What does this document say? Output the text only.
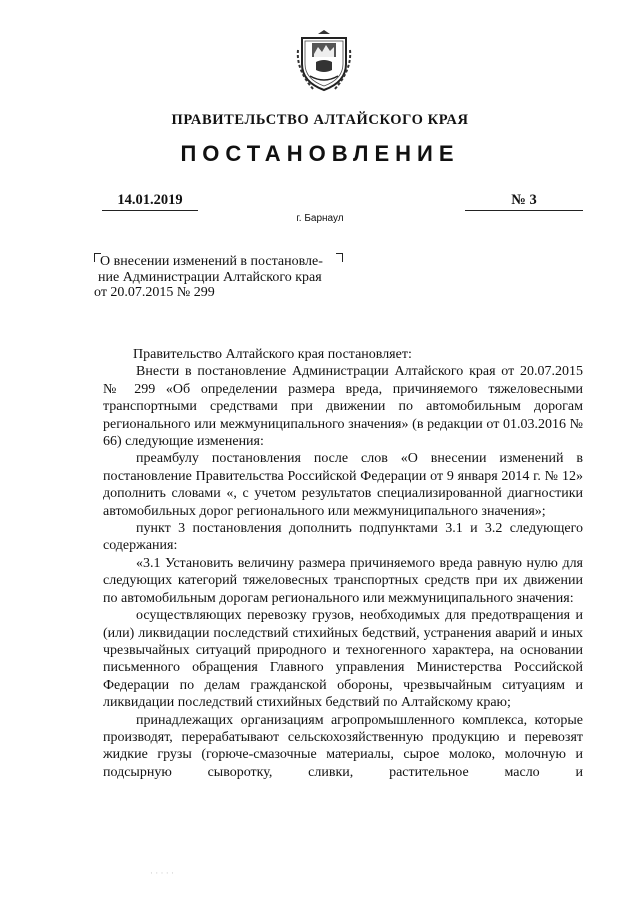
ПРАВИТЕЛЬСТВО АЛТАЙСКОГО КРАЯ
ПОСТАНОВЛЕНИЕ
14.01.2019	№ 3
г. Барнаул
О внесении изменений в постановле-
ние Администрации Алтайского края
от 20.07.2015 № 299

Правительство Алтайского края постановляет:

Внести в постановление Администрации Алтайского края от 20.07.2015 № 299 «Об определении размера вреда, причиняемого тяжеловесными транспортными средствами при движении по автомобильным дорогам регионального или межмуниципального значения» (в редакции от 01.03.2016 № 66) следующие изменения:

преамбулу постановления после слов «О внесении изменений в постановление Правительства Российской Федерации от 9 января 2014 г. № 12» дополнить словами «, с учетом результатов специализированной диагностики автомобильных дорог регионального или межмуниципального значения»;

пункт 3 постановления дополнить подпунктами 3.1 и 3.2 следующего содержания:

«3.1 Установить величину размера причиняемого вреда равную нулю для следующих категорий тяжеловесных транспортных средств при их движении по автомобильным дорогам регионального или межмуниципального значения:

осуществляющих перевозку грузов, необходимых для предотвращения и (или) ликвидации последствий стихийных бедствий, устранения аварий и иных чрезвычайных ситуаций природного и техногенного характера, на основании письменного обращения Главного управления Министерства Российской Федерации по делам гражданской обороны, чрезвычайным ситуациям и ликвидации последствий стихийных бедствий по Алтайскому краю;

принадлежащих организациям агропромышленного комплекса, которые производят, перерабатывают сельскохозяйственную продукцию и перевозят жидкие грузы (горюче-смазочные материалы, сырое молоко, молочную и подсырную сыворотку, сливки, растительное масло и

· · · · ·
